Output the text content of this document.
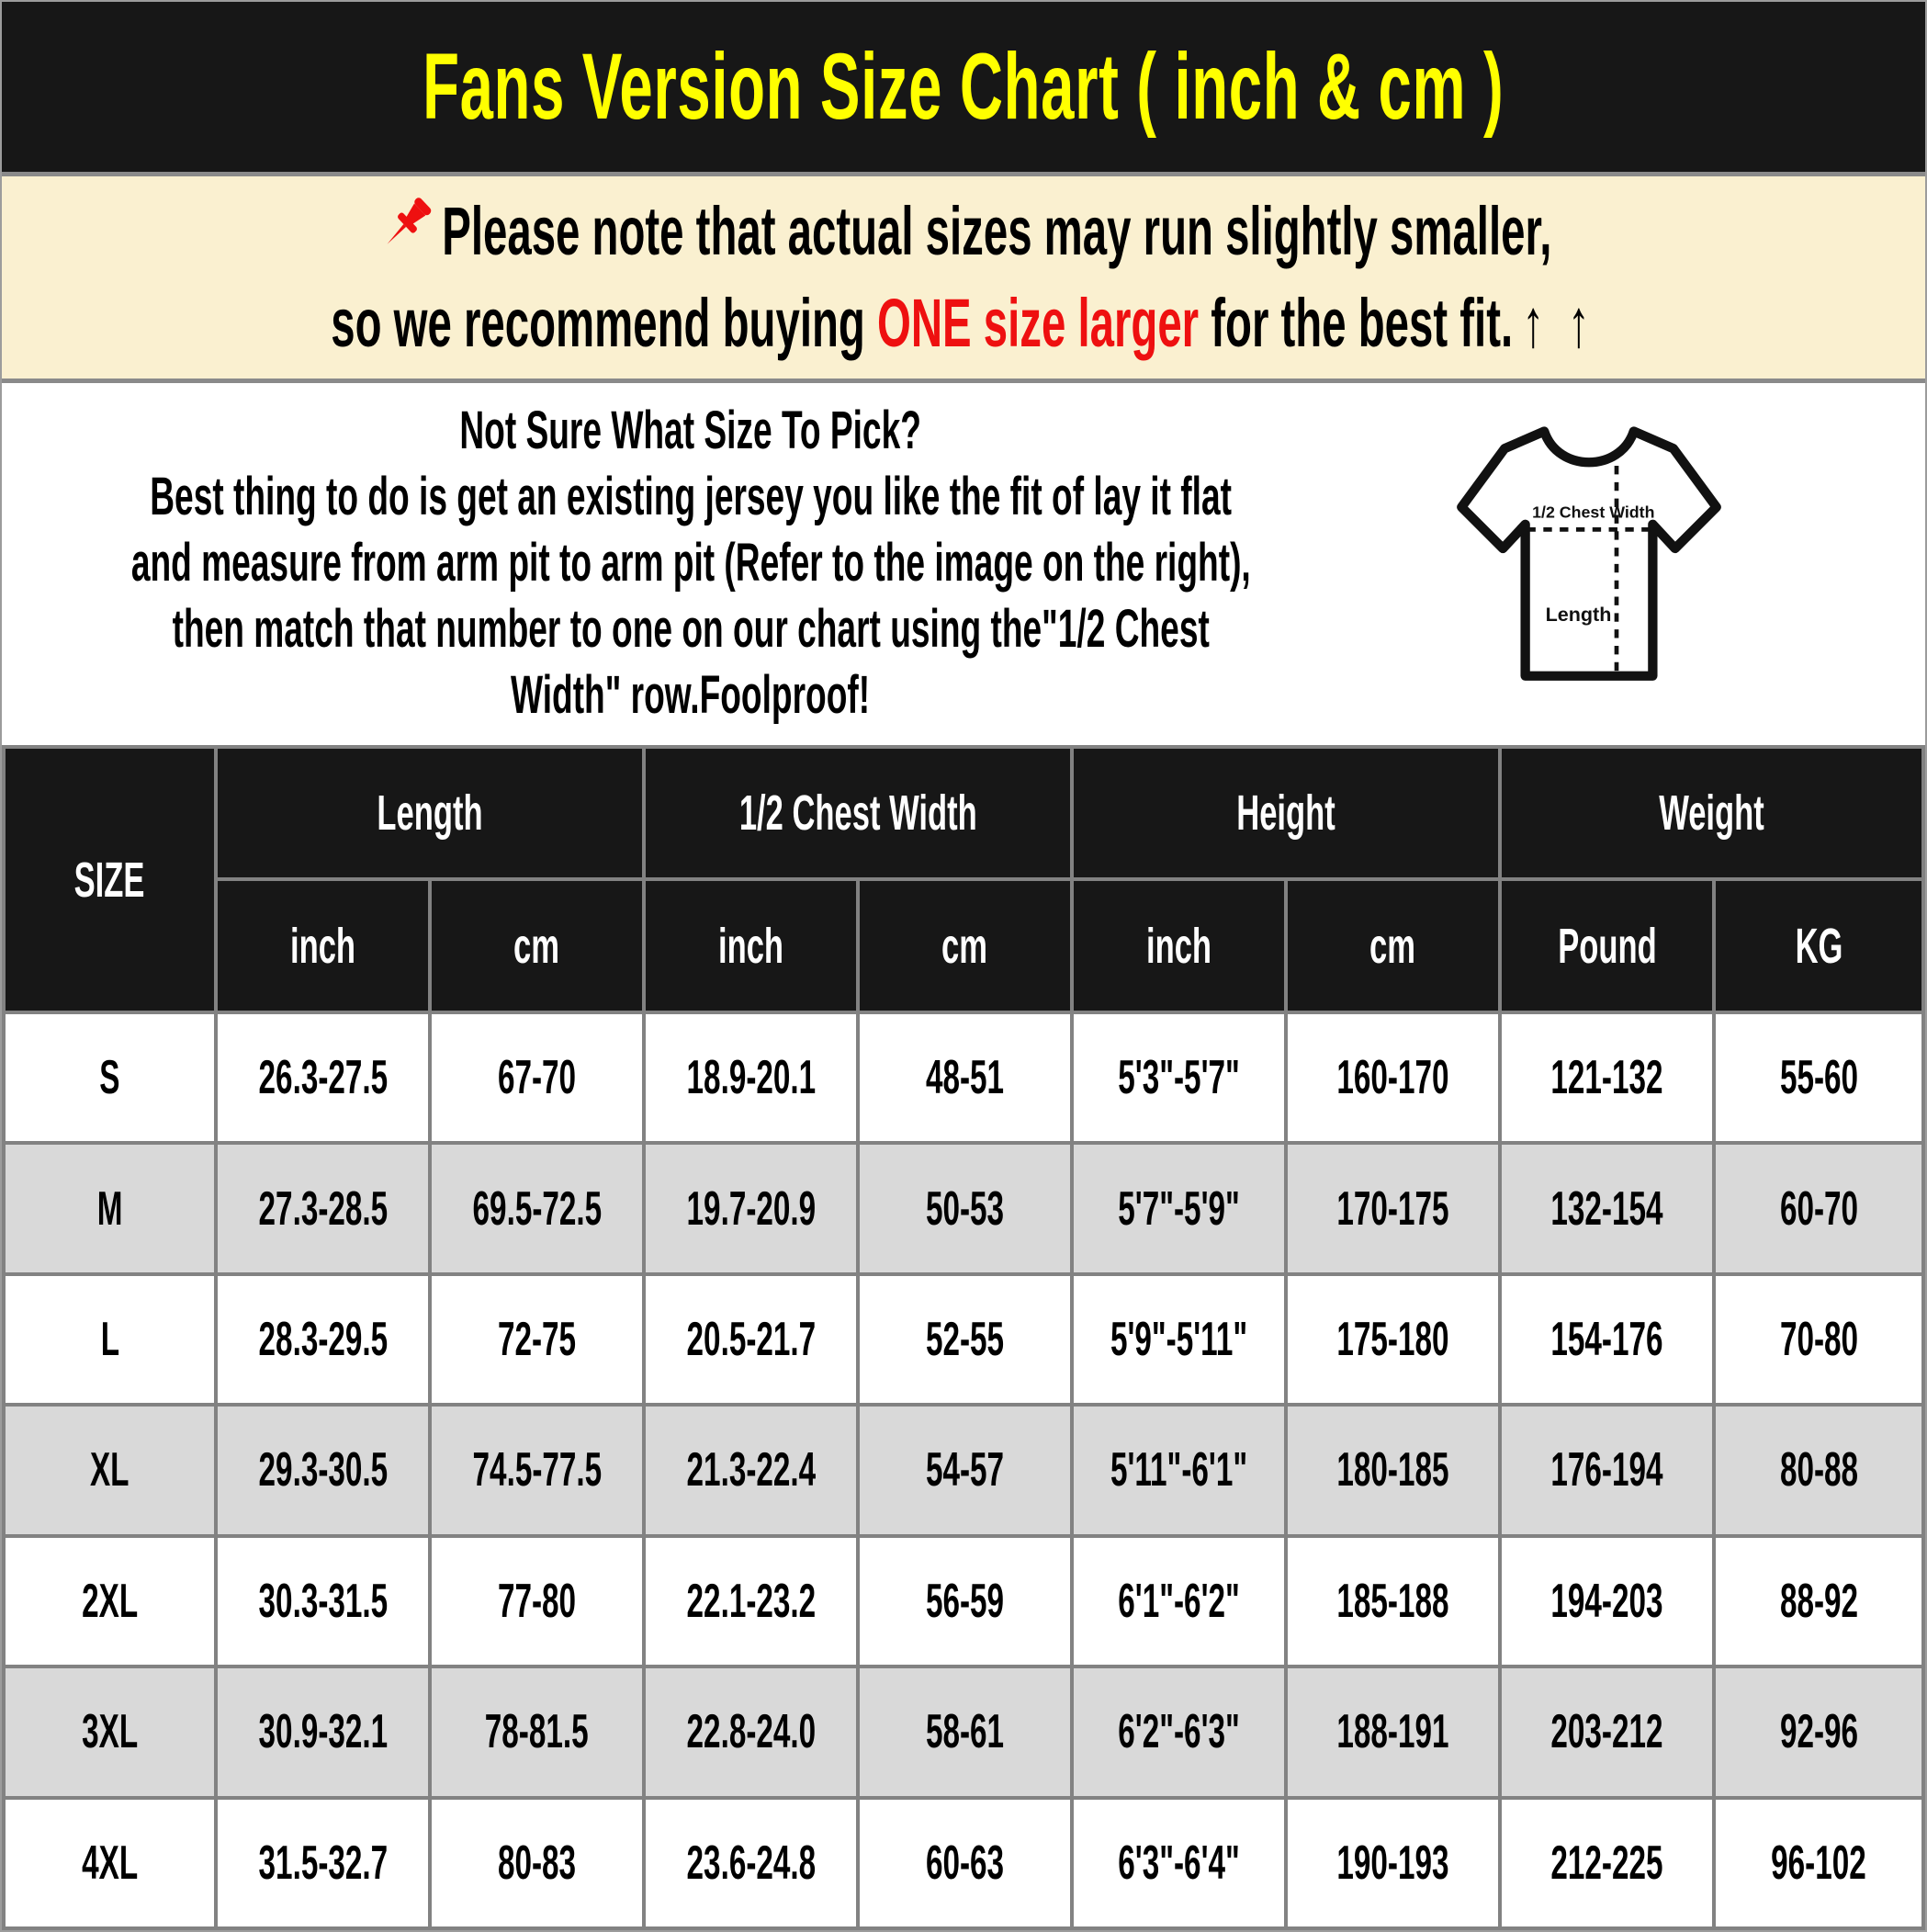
Fans Version Size Chart ( inch & cm )
Please note that actual sizes may run slightly smaller,
so we recommend buying ONE size larger for the best fit. ↑ ↑
Not Sure What Size To Pick?
Best thing to do is get an existing jersey you like the fit of lay it flat
and measure from arm pit to arm pit (Refer to the image on the right),
then match that number to one on our chart using the"1/2 Chest
Width" row.Foolproof!
1/2 Chest Width
Length
SIZE	Length		1/2 Chest Width		Height		Weight	

	inch	cm	inch	cm	inch	cm	Pound	KG

S	26.3-27.5	67-70	18.9-20.1	48-51	5'3"-5'7"	160-170	121-132	55-60

M	27.3-28.5	69.5-72.5	19.7-20.9	50-53	5'7"-5'9"	170-175	132-154	60-70

L	28.3-29.5	72-75	20.5-21.7	52-55	5'9"-5'11"	175-180	154-176	70-80

XL	29.3-30.5	74.5-77.5	21.3-22.4	54-57	5'11"-6'1"	180-185	176-194	80-88

2XL	30.3-31.5	77-80	22.1-23.2	56-59	6'1"-6'2"	185-188	194-203	88-92

3XL	30.9-32.1	78-81.5	22.8-24.0	58-61	6'2"-6'3"	188-191	203-212	92-96

4XL	31.5-32.7	80-83	23.6-24.8	60-63	6'3"-6'4"	190-193	212-225	96-102
